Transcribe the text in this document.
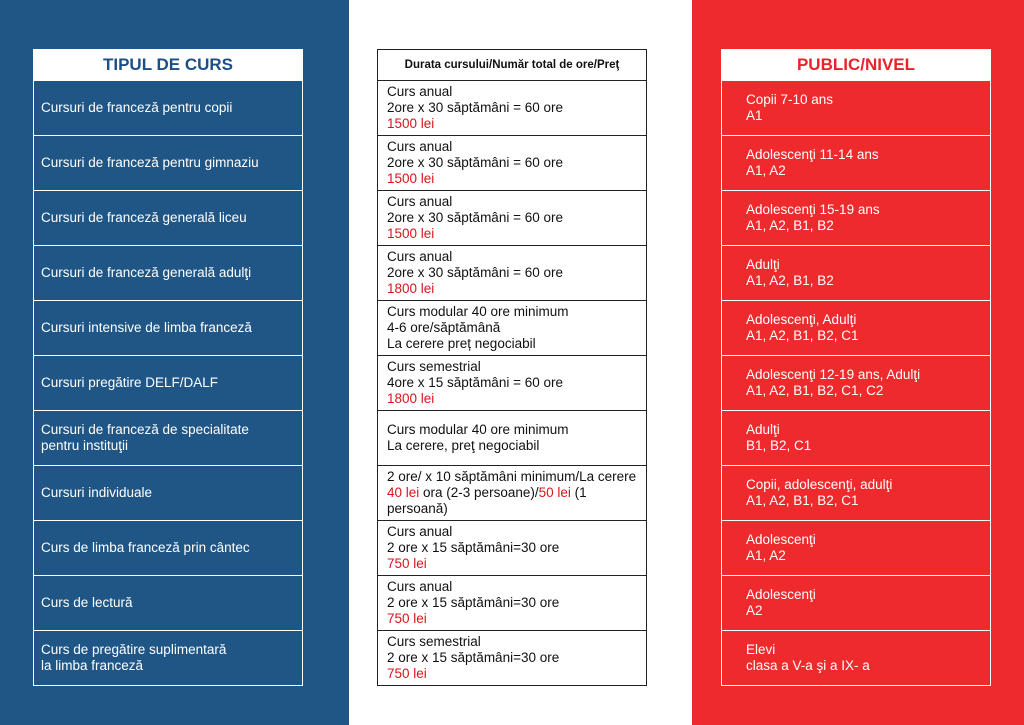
TIPUL DE CURS
Cursuri de franceză pentru copii
Cursuri de franceză pentru gimnaziu
Cursuri de franceză generală liceu
Cursuri de franceză generală adulţi
Cursuri intensive de limba franceză
Cursuri pregătire DELF/DALF
Cursuri de franceză de specialitate
pentru instituţii
Cursuri individuale
Curs de limba franceză prin cântec
Curs de lectură
Curs de pregătire suplimentară
la limba franceză
Durata cursului/Număr total de ore/Preţ
Curs anual
2ore x 30 săptămâni = 60 ore
1500 lei
Curs anual
2ore x 30 săptămâni = 60 ore
1500 lei
Curs anual
2ore x 30 săptămâni = 60 ore
1500 lei
Curs anual
2ore x 30 săptămâni = 60 ore
1800 lei
Curs modular 40 ore minimum
4-6 ore/săptămână
La cerere preț negociabil
Curs semestrial
4ore x 15 săptămâni = 60 ore
1800 lei
Curs modular 40 ore minimum
La cerere, preţ negociabil
2 ore/ x 10 săptămâni minimum/La cerere
40 lei ora (2-3 persoane)/50 lei (1 persoană)
Curs anual
2 ore x 15 săptămâni=30 ore
750 lei
Curs anual
2 ore x 15 săptămâni=30 ore
750 lei
Curs semestrial
2 ore x 15 săptămâni=30 ore
750 lei
PUBLIC/NIVEL
Copii 7-10 ans
A1
Adolescenţi 11-14 ans
A1, A2
Adolescenţi 15-19 ans
A1, A2, B1, B2
Adulţi
A1, A2, B1, B2
Adolescenţi, Adulţi
A1, A2, B1, B2, C1
Adolescenţi 12-19 ans, Adulţi
A1, A2, B1, B2, C1, C2
Adulţi
B1, B2, C1
Copii, adolescenţi, adulţi
A1, A2, B1, B2, C1
Adolescenţi
A1, A2
Adolescenţi
A2
Elevi
clasa a V-a şi a IX- a
